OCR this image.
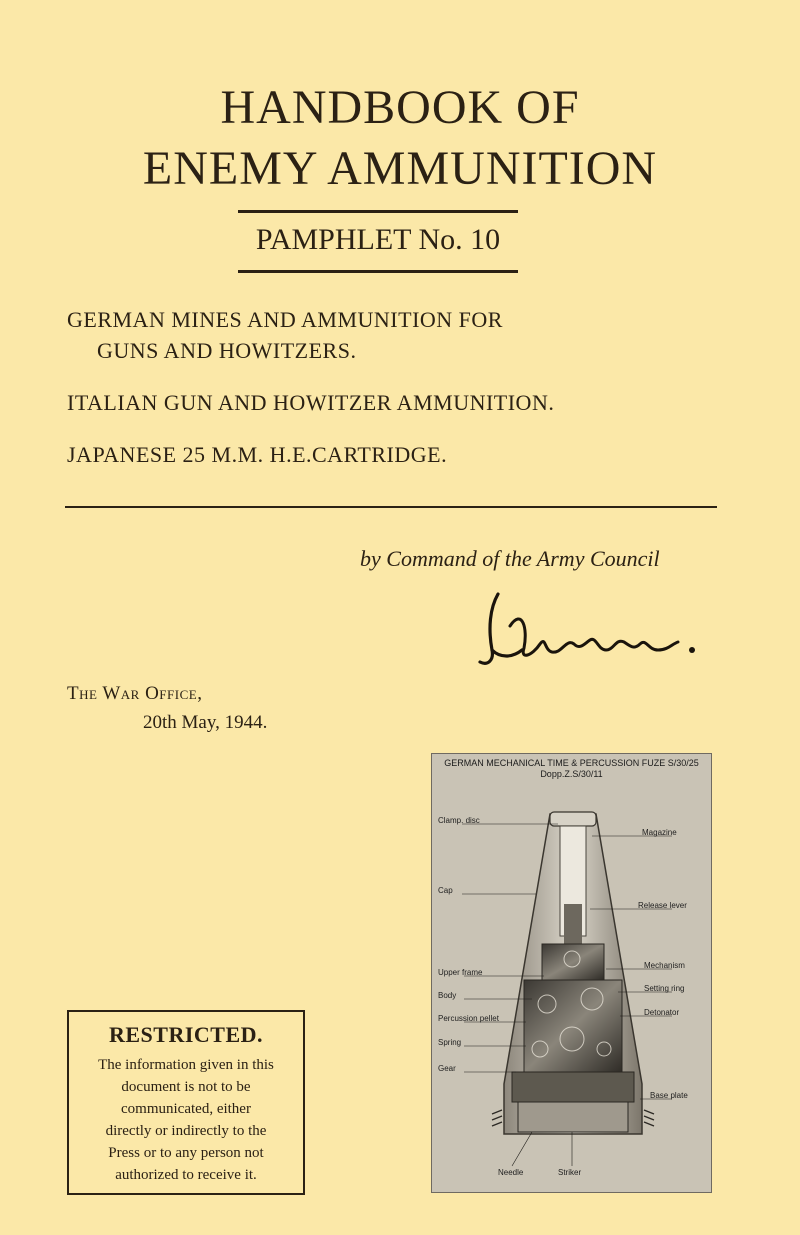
HANDBOOK OF
ENEMY AMMUNITION
PAMPHLET No. 10
GERMAN MINES AND AMMUNITION FOR
GUNS AND HOWITZERS.
ITALIAN GUN AND HOWITZER AMMUNITION.
JAPANESE 25 M.M. H.E.CARTRIDGE.
by Command of the Army Council
The War Office,
20th May, 1944.
RESTRICTED.
The information given in this
document is not to be
communicated, either
directly or indirectly to the
Press or to any person not
authorized to receive it.
GERMAN MECHANICAL TIME & PERCUSSION FUZE S/30/25
Dopp.Z.S/30/11
Clamp. disc
Cap
Upper frame
Body
Percussion pellet
Spring
Gear
Magazine
Release lever
Mechanism
Setting ring
Detonator
Base plate
Needle	Striker
